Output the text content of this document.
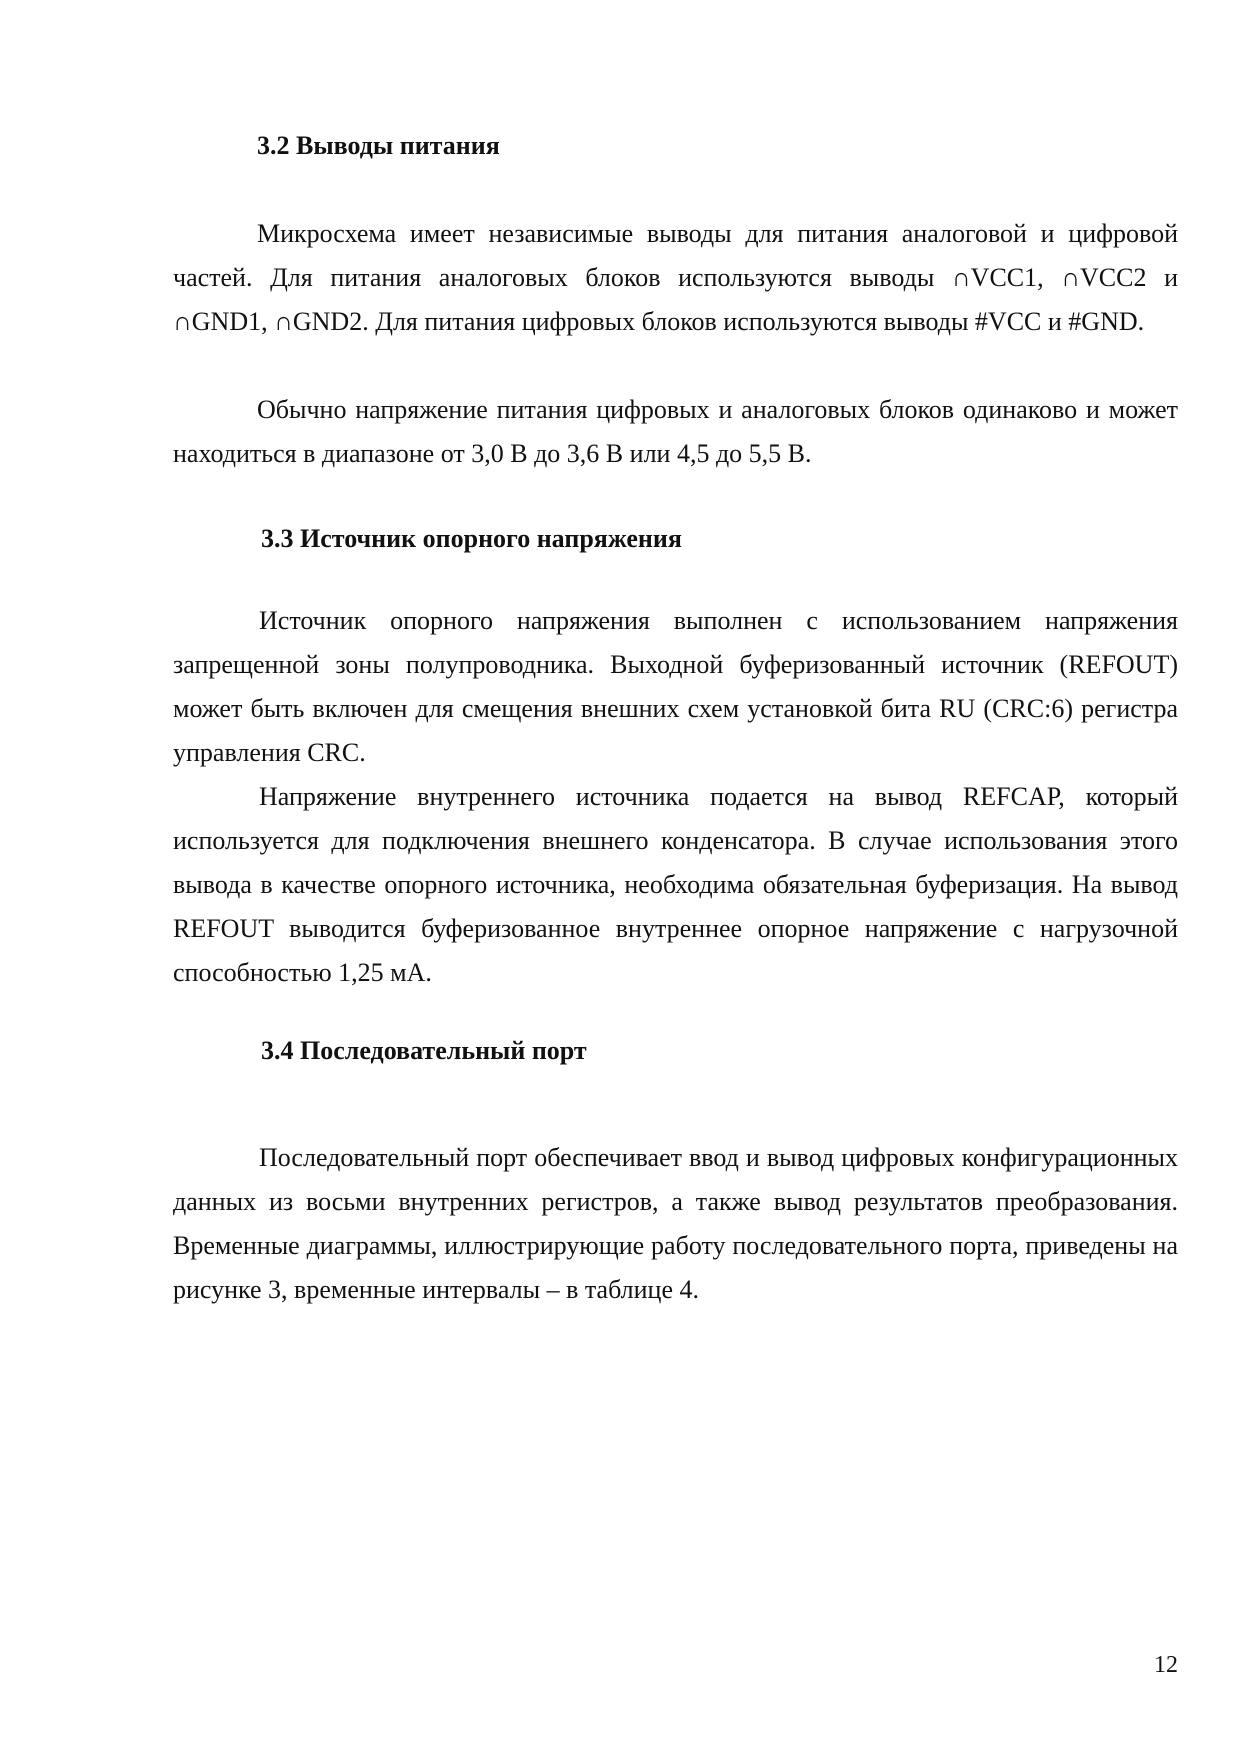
3.2 Выводы питания

Микросхема имеет независимые выводы для питания аналоговой и цифровой частей. Для питания аналоговых блоков используются выводы ∩VCC1, ∩VCC2 и ∩GND1, ∩GND2. Для питания цифровых блоков используются выводы #VCC и #GND.

Обычно напряжение питания цифровых и аналоговых блоков одинаково и может находиться в диапазоне от 3,0 В до 3,6 В или 4,5 до 5,5 В.

3.3 Источник опорного напряжения

Источник опорного напряжения выполнен с использованием напряжения запрещенной зоны полупроводника. Выходной буферизованный источник (REFOUT) может быть включен для смещения внешних схем установкой бита RU (CRC:6) регистра управления CRC.

Напряжение внутреннего источника подается на вывод REFCAP, который используется для подключения внешнего конденсатора. В случае использования этого вывода в качестве опорного источника, необходима обязательная буферизация. На вывод REFOUT выводится буферизованное внутреннее опорное напряжение с нагрузочной способностью 1,25 мА.

3.4 Последовательный порт

Последовательный порт обеспечивает ввод и вывод цифровых конфигурационных данных из восьми внутренних регистров, а также вывод результатов преобразования. Временные диаграммы, иллюстрирующие работу последовательного порта, приведены на рисунке 3, временные интервалы – в таблице 4.

12
